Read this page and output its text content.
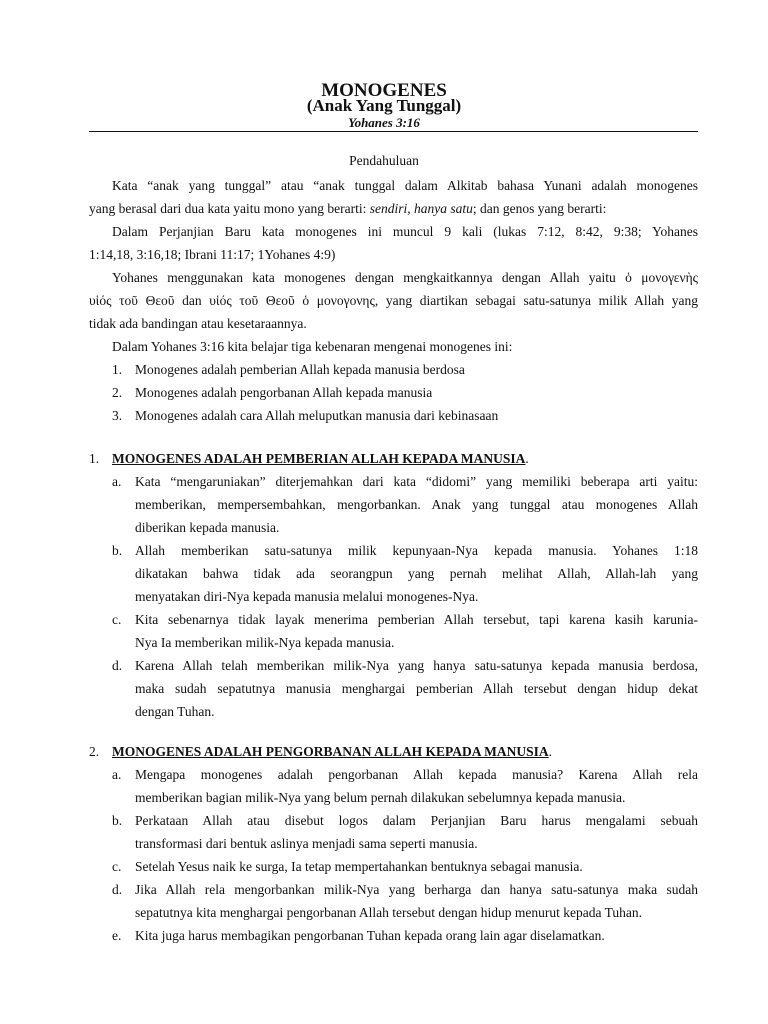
MONOGENES
(Anak Yang Tunggal)
Yohanes 3:16
Pendahuluan
Kata “anak yang tunggal” atau “anak tunggal dalam Alkitab bahasa Yunani adalah monogenes
yang berasal dari dua kata yaitu mono yang berarti: sendiri, hanya satu; dan genos yang berarti:
Dalam Perjanjian Baru kata monogenes ini muncul 9 kali (lukas 7:12, 8:42, 9:38; Yohanes
1:14,18, 3:16,18; Ibrani 11:17; 1Yohanes 4:9)
Yohanes menggunakan kata monogenes dengan mengkaitkannya dengan Allah yaitu ὁ μονογενὴς
υἱός τοῦ Θεοῦ dan υἱός τοῦ Θεοῦ ὁ μονογονης, yang diartikan sebagai satu-satunya milik Allah yang
tidak ada bandingan atau kesetaraannya.
Dalam Yohanes 3:16 kita belajar tiga kebenaran mengenai monogenes ini:
1. Monogenes adalah pemberian Allah kepada manusia berdosa
2. Monogenes adalah pengorbanan Allah kepada manusia
3. Monogenes adalah cara Allah meluputkan manusia dari kebinasaan
1. MONOGENES ADALAH PEMBERIAN ALLAH KEPADA MANUSIA.
a. Kata “mengaruniakan” diterjemahkan dari kata “didomi” yang memiliki beberapa arti yaitu:
memberikan, mempersembahkan, mengorbankan. Anak yang tunggal atau monogenes Allah
diberikan kepada manusia.
b. Allah memberikan satu-satunya milik kepunyaan-Nya kepada manusia. Yohanes 1:18
dikatakan bahwa tidak ada seorangpun yang pernah melihat Allah, Allah-lah yang
menyatakan diri-Nya kepada manusia melalui monogenes-Nya.
c. Kita sebenarnya tidak layak menerima pemberian Allah tersebut, tapi karena kasih karunia-
Nya Ia memberikan milik-Nya kepada manusia.
d. Karena Allah telah memberikan milik-Nya yang hanya satu-satunya kepada manusia berdosa,
maka sudah sepatutnya manusia menghargai pemberian Allah tersebut dengan hidup dekat
dengan Tuhan.
2. MONOGENES ADALAH PENGORBANAN ALLAH KEPADA MANUSIA.
a. Mengapa monogenes adalah pengorbanan Allah kepada manusia? Karena Allah rela
memberikan bagian milik-Nya yang belum pernah dilakukan sebelumnya kepada manusia.
b. Perkataan Allah atau disebut logos dalam Perjanjian Baru harus mengalami sebuah
transformasi dari bentuk aslinya menjadi sama seperti manusia.
c. Setelah Yesus naik ke surga, Ia tetap mempertahankan bentuknya sebagai manusia.
d. Jika Allah rela mengorbankan milik-Nya yang berharga dan hanya satu-satunya maka sudah
sepatutnya kita menghargai pengorbanan Allah tersebut dengan hidup menurut kepada Tuhan.
e. Kita juga harus membagikan pengorbanan Tuhan kepada orang lain agar diselamatkan.
